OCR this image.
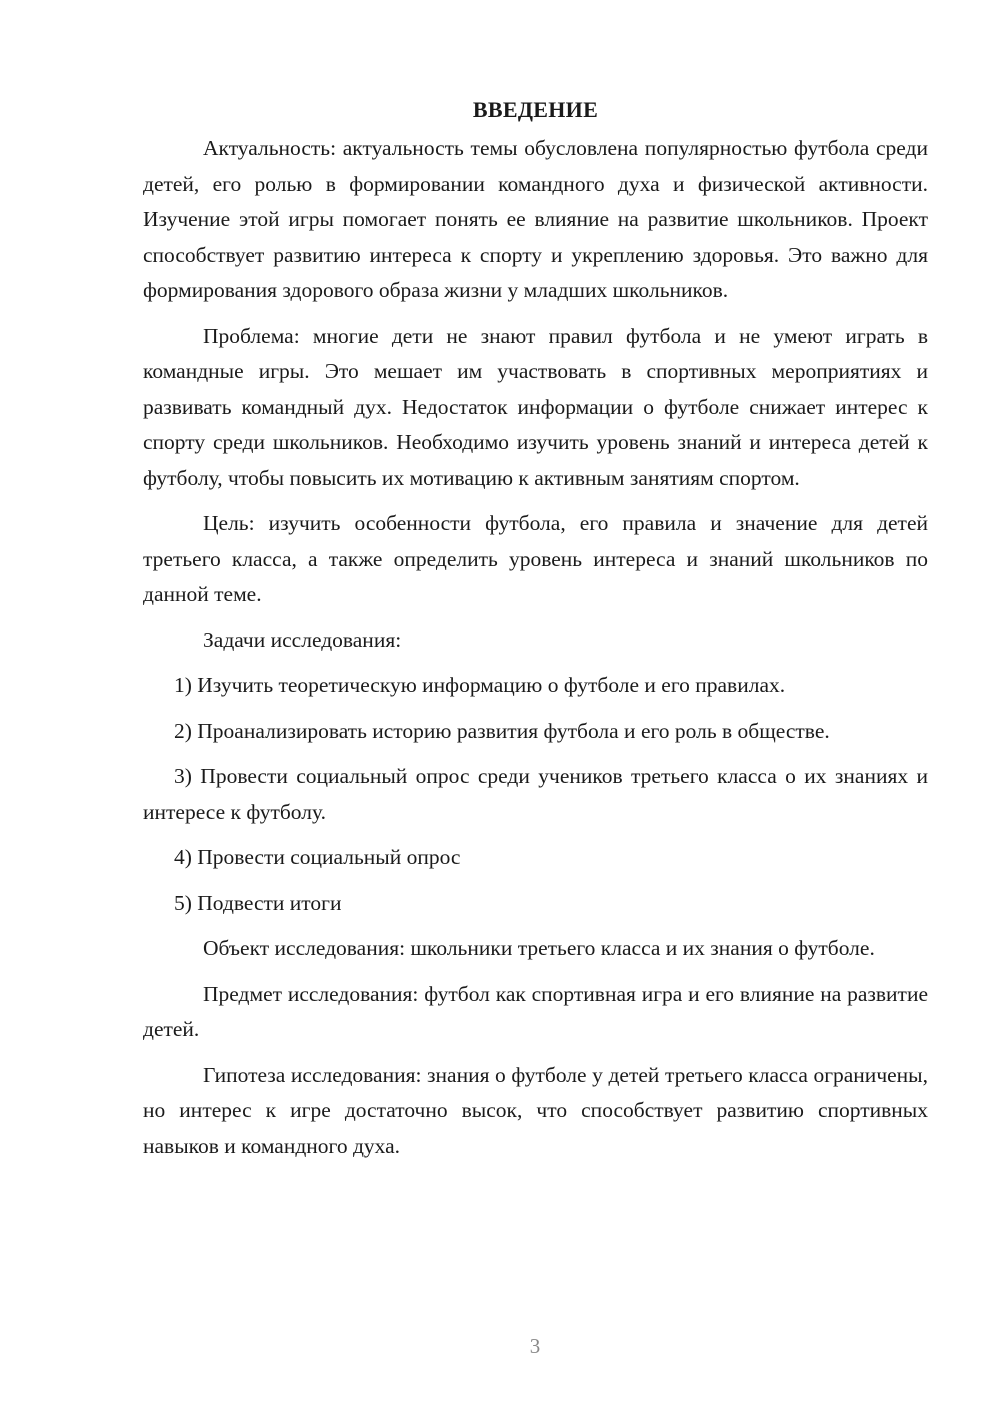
ВВЕДЕНИЕ

Актуальность: актуальность темы обусловлена популярностью футбола среди детей, его ролью в формировании командного духа и физической активности. Изучение этой игры помогает понять ее влияние на развитие школьников. Проект способствует развитию интереса к спорту и укреплению здоровья. Это важно для формирования здорового образа жизни у младших школьников.

Проблема: многие дети не знают правил футбола и не умеют играть в командные игры. Это мешает им участвовать в спортивных мероприятиях и развивать командный дух. Недостаток информации о футболе снижает интерес к спорту среди школьников. Необходимо изучить уровень знаний и интереса детей к футболу, чтобы повысить их мотивацию к активным занятиям спортом.

Цель: изучить особенности футбола, его правила и значение для детей третьего класса, а также определить уровень интереса и знаний школьников по данной теме.

Задачи исследования:

1) Изучить теоретическую информацию о футболе и его правилах.

2) Проанализировать историю развития футбола и его роль в обществе.

3) Провести социальный опрос среди учеников третьего класса о их знаниях и интересе к футболу.

4) Провести социальный опрос

5) Подвести итоги

Объект исследования: школьники третьего класса и их знания о футболе.

Предмет исследования: футбол как спортивная игра и его влияние на развитие детей.

Гипотеза исследования: знания о футболе у детей третьего класса ограничены, но интерес к игре достаточно высок, что способствует развитию спортивных навыков и командного духа.

3
